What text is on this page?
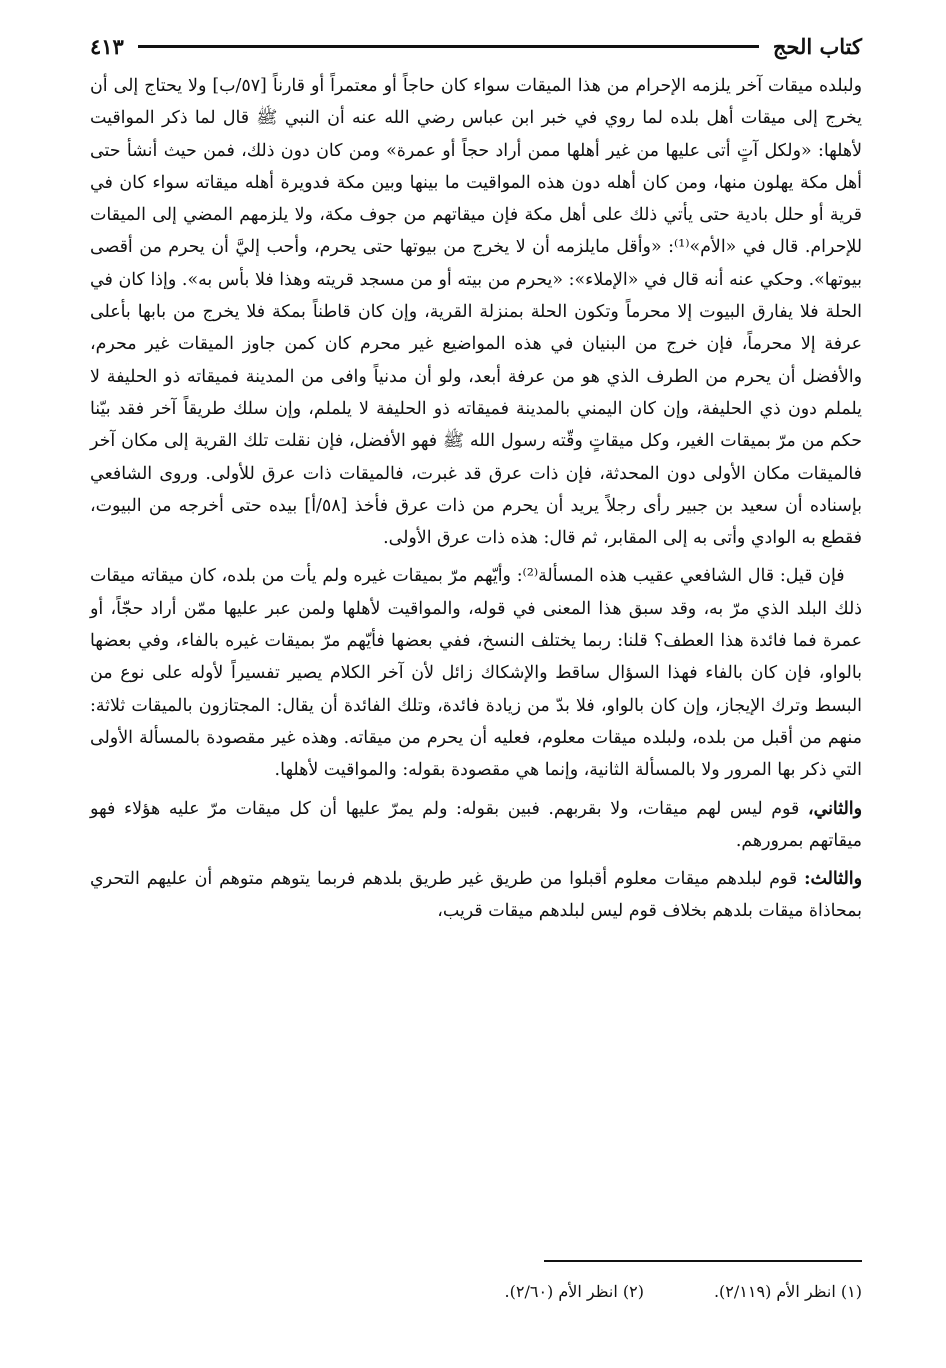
كتاب الحج
٤١٣

ولبلده ميقات آخر يلزمه الإحرام من هذا الميقات سواء كان حاجاً أو معتمراً أو قارناً [٥٧/ب] ولا يحتاج إلى أن يخرج إلى ميقات أهل بلده لما روي في خبر ابن عباس رضي الله عنه أن النبي ﷺ قال لما ذكر المواقيت لأهلها: «ولكل آتٍ أتى عليها من غير أهلها ممن أراد حجاً أو عمرة» ومن كان دون ذلك، فمن حيث أنشأ حتى أهل مكة يهلون منها، ومن كان أهله دون هذه المواقيت ما بينها وبين مكة فدويرة أهله ميقاته سواء كان في قرية أو حلل بادية حتى يأتي ذلك على أهل مكة فإن ميقاتهم من جوف مكة، ولا يلزمهم المضي إلى الميقات للإحرام. قال في «الأم»⁽¹⁾: «وأقل مايلزمه أن لا يخرج من بيوتها حتى يحرم، وأحب إليَّ أن يحرم من أقصى بيوتها». وحكي عنه أنه قال في «الإملاء»: «يحرم من بيته أو من مسجد قريته وهذا فلا بأس به». وإذا كان في الحلة فلا يفارق البيوت إلا محرماً وتكون الحلة بمنزلة القرية، وإن كان قاطناً بمكة فلا يخرج من بابها بأعلى عرفة إلا محرماً، فإن خرج من البنيان في هذه المواضيع غير محرم كان كمن جاوز الميقات غير محرم، والأفضل أن يحرم من الطرف الذي هو من عرفة أبعد، ولو أن مدنياً وافى من المدينة فميقاته ذو الحليفة لا يلملم دون ذي الحليفة، وإن كان اليمني بالمدينة فميقاته ذو الحليفة لا يلملم، وإن سلك طريقاً آخر فقد بيّنا حكم من مرّ بميقات الغير، وكل ميقاتٍ وقّته رسول الله ﷺ فهو الأفضل، فإن نقلت تلك القرية إلى مكان آخر فالميقات مكان الأولى دون المحدثة، فإن ذات عرق قد غبرت، فالميقات ذات عرق للأولى. وروى الشافعي بإسناده أن سعيد بن جبير رأى رجلاً يريد أن يحرم من ذات عرق فأخذ [٥٨/أ] بيده حتى أخرجه من البيوت، فقطع به الوادي وأتى به إلى المقابر، ثم قال: هذه ذات عرق الأولى.

 فإن قيل: قال الشافعي عقيب هذه المسألة⁽²⁾: وأيّهم مرّ بميقات غيره ولم يأت من بلده، كان ميقاته ميقات ذلك البلد الذي مرّ به، وقد سبق هذا المعنى في قوله، والمواقيت لأهلها ولمن عبر عليها ممّن أراد حجّاً، أو عمرة فما فائدة هذا العطف؟ قلنا: ربما يختلف النسخ، ففي بعضها فأيّهم مرّ بميقات غيره بالفاء، وفي بعضها بالواو، فإن كان بالفاء فهذا السؤال ساقط والإشكاك زائل لأن آخر الكلام يصير تفسيراً لأوله على نوع من البسط وترك الإيجاز، وإن كان بالواو، فلا بدّ من زيادة فائدة، وتلك الفائدة أن يقال: المجتازون بالميقات ثلاثة: منهم من أقبل من بلده، ولبلده ميقات معلوم، فعليه أن يحرم من ميقاته. وهذه غير مقصودة بالمسألة الأولى التي ذكر بها المرور ولا بالمسألة الثانية، وإنما هي مقصودة بقوله: والمواقيت لأهلها.

والثاني، قوم ليس لهم ميقات، ولا بقربهم. فبين بقوله: ولم يمرّ عليها أن كل ميقات مرّ عليه هؤلاء فهو ميقاتهم بمرورهم.

والثالث: قوم لبلدهم ميقات معلوم أقبلوا من طريق غير طريق بلدهم فربما يتوهم متوهم أن عليهم التحري بمحاذاة ميقات بلدهم بخلاف قوم ليس لبلدهم ميقات قريب،

(١) انظر الأم (٢/١١٩).
(٢) انظر الأم (٢/٦٠).
